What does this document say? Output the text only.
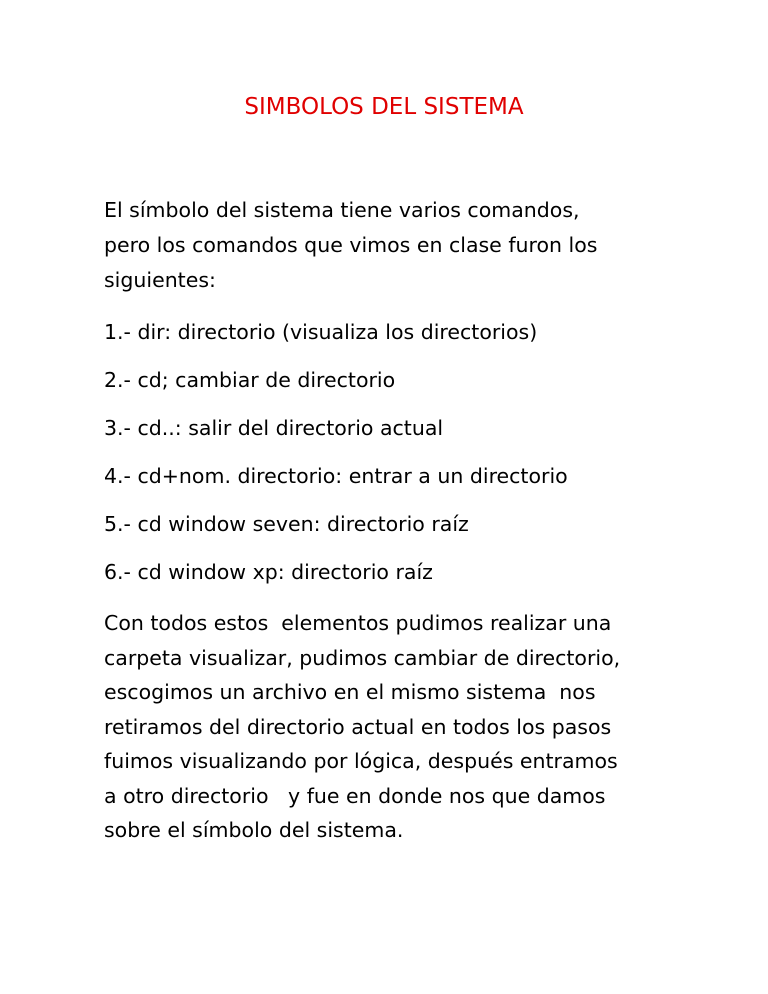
SIMBOLOS DEL SISTEMA

El símbolo del sistema tiene varios comandos,
pero los comandos que vimos en clase furon los
siguientes:

1.- dir: directorio (visualiza los directorios)
2.- cd; cambiar de directorio
3.- cd..: salir del directorio actual
4.- cd+nom. directorio: entrar a un directorio
5.- cd window seven: directorio raíz
6.- cd window xp: directorio raíz

Con todos estos  elementos pudimos realizar una
carpeta visualizar, pudimos cambiar de directorio,
escogimos un archivo en el mismo sistema  nos
retiramos del directorio actual en todos los pasos
fuimos visualizando por lógica, después entramos
a otro directorio   y fue en donde nos que damos
sobre el símbolo del sistema.
